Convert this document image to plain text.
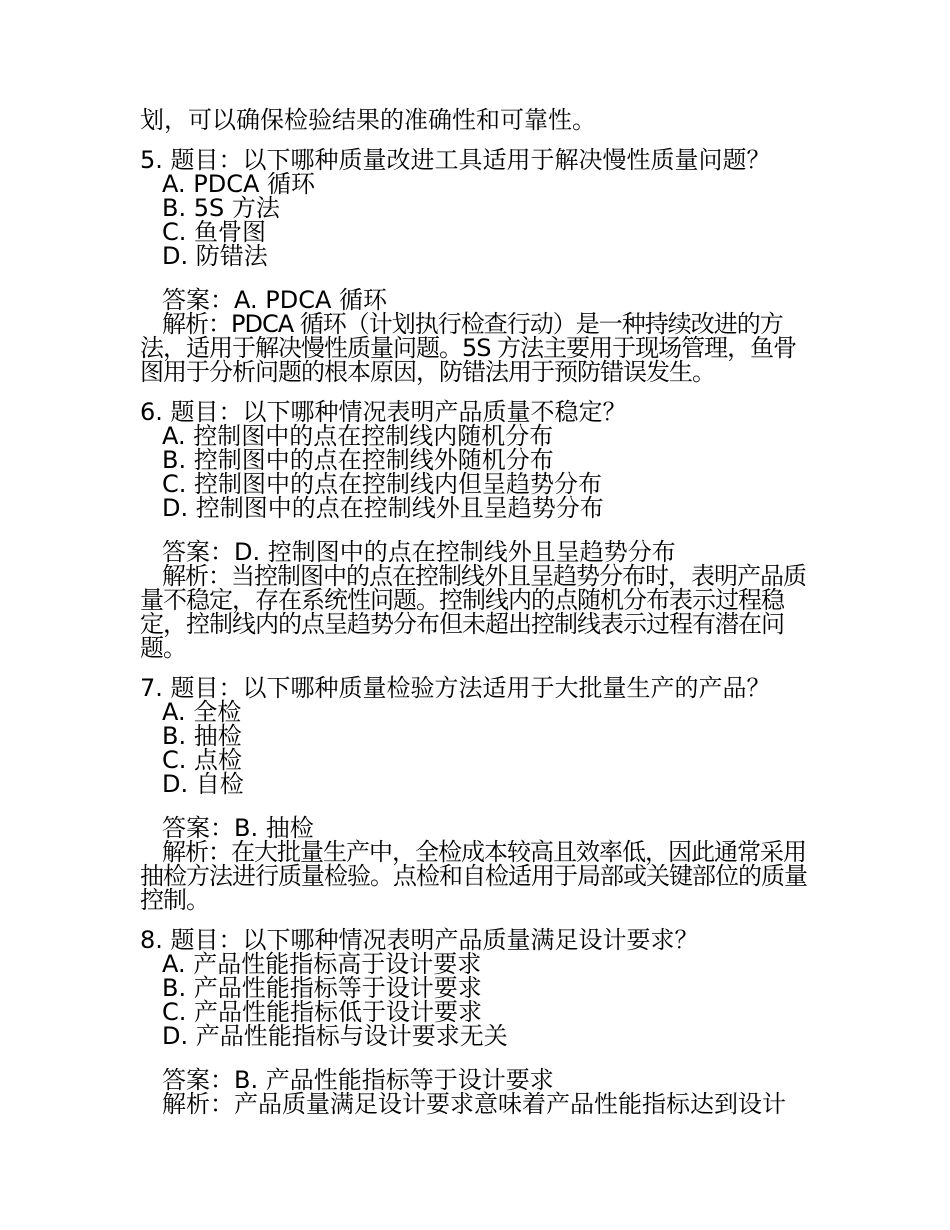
划，可以确保检验结果的准确性和可靠性。
5. 题目：以下哪种质量改进工具适用于解决慢性质量问题？
A. PDCA 循环
B. 5S 方法
C. 鱼骨图
D. 防错法
答案：A. PDCA 循环
解析：PDCA 循环（计划执行检查行动）是一种持续改进的方法，适用于解决慢性质量问题。5S 方法主要用于现场管理，鱼骨图用于分析问题的根本原因，防错法用于预防错误发生。
6. 题目：以下哪种情况表明产品质量不稳定？
A. 控制图中的点在控制线内随机分布
B. 控制图中的点在控制线外随机分布
C. 控制图中的点在控制线内但呈趋势分布
D. 控制图中的点在控制线外且呈趋势分布
答案：D. 控制图中的点在控制线外且呈趋势分布
解析：当控制图中的点在控制线外且呈趋势分布时，表明产品质量不稳定，存在系统性问题。控制线内的点随机分布表示过程稳定，控制线内的点呈趋势分布但未超出控制线表示过程有潜在问题。
7. 题目：以下哪种质量检验方法适用于大批量生产的产品？
A. 全检
B. 抽检
C. 点检
D. 自检
答案：B. 抽检
解析：在大批量生产中，全检成本较高且效率低，因此通常采用抽检方法进行质量检验。点检和自检适用于局部或关键部位的质量控制。
8. 题目：以下哪种情况表明产品质量满足设计要求？
A. 产品性能指标高于设计要求
B. 产品性能指标等于设计要求
C. 产品性能指标低于设计要求
D. 产品性能指标与设计要求无关
答案：B. 产品性能指标等于设计要求
解析：产品质量满足设计要求意味着产品性能指标达到设计
